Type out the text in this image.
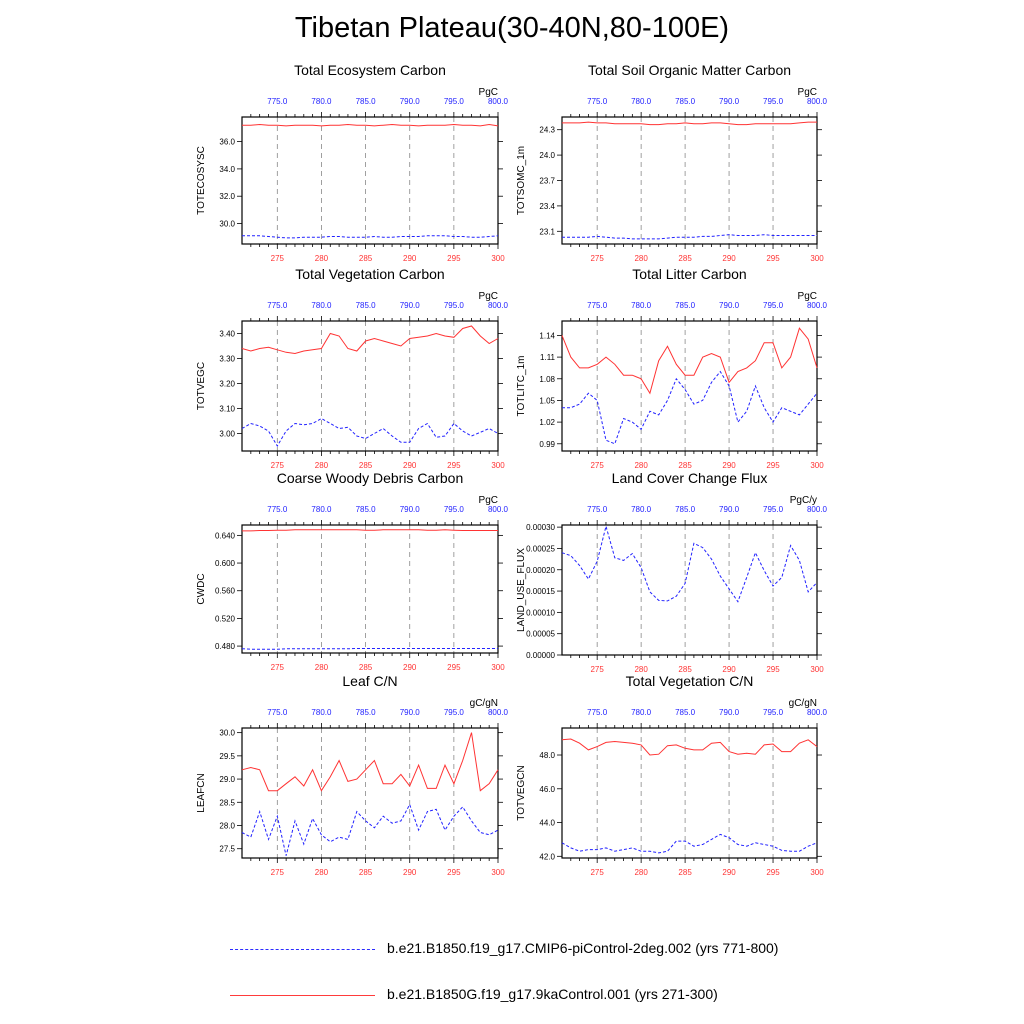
Tibetan Plateau(30-40N,80-100E)
Total Ecosystem Carbon
PgC
275	280	285	290	295	300
775.0	780.0	785.0	790.0	795.0	800.0
30.0
32.0
34.0
36.0
TOTECOSYSC
Total Soil Organic Matter Carbon
PgC
275	280	285	290	295	300
775.0	780.0	785.0	790.0	795.0	800.0
23.1
23.4
23.7
24.0
24.3
TOTSOMC_1m
Total Vegetation Carbon
PgC
275	280	285	290	295	300
775.0	780.0	785.0	790.0	795.0	800.0
3.00
3.10
3.20
3.30
3.40
TOTVEGC
Total Litter Carbon
PgC
275	280	285	290	295	300
775.0	780.0	785.0	790.0	795.0	800.0
0.99
1.02
1.05
1.08
1.11
1.14
TOTLITC_1m
Coarse Woody Debris Carbon
PgC
275	280	285	290	295	300
775.0	780.0	785.0	790.0	795.0	800.0
0.480
0.520
0.560
0.600
0.640
CWDC
Land Cover Change Flux
PgC/y
275	280	285	290	295	300
775.0	780.0	785.0	790.0	795.0	800.0
0.00000
0.00005
0.00010
0.00015
0.00020
0.00025
0.00030
LAND_USE_FLUX
Leaf C/N
gC/gN
275	280	285	290	295	300
775.0	780.0	785.0	790.0	795.0	800.0
27.5
28.0
28.5
29.0
29.5
30.0
LEAFCN
Total Vegetation C/N
gC/gN
275	280	285	290	295	300
775.0	780.0	785.0	790.0	795.0	800.0
42.0
44.0
46.0
48.0
TOTVEGCN
b.e21.B1850.f19_g17.CMIP6-piControl-2deg.002 (yrs 771-800)
b.e21.B1850G.f19_g17.9kaControl.001 (yrs 271-300)
